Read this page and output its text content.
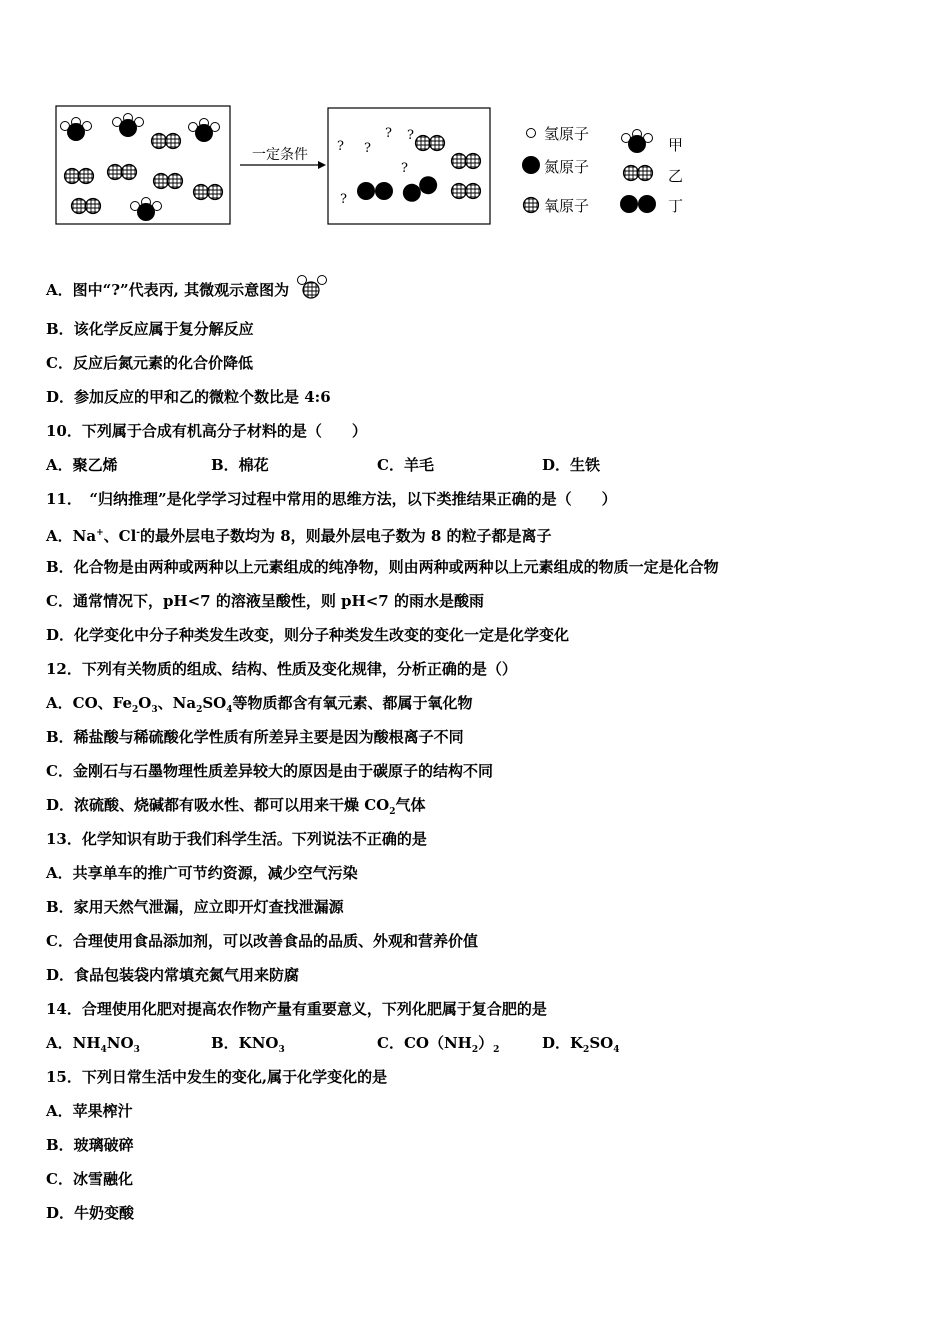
一定条件
? ?
? ?
?
?
氢原子
氮原子
氧原子
甲
乙
丁
A．图中“?”代表丙, 其微观示意图为
B．该化学反应属于复分解反应
C．反应后氮元素的化合价降低
D．参加反应的甲和乙的微粒个数比是 4:6
10．下列属于合成有机高分子材料的是（　　）
A．聚乙烯	B．棉花	C．羊毛	D．生铁
11．　“归纳推理”是化学学习过程中常用的思维方法，以下类推结果正确的是（　　）
A．Na+、Cl-的最外层电子数均为 8，则最外层电子数为 8 的粒子都是离子
B．化合物是由两种或两种以上元素组成的纯净物，则由两种或两种以上元素组成的物质一定是化合物
C．通常情况下，pH<7 的溶液呈酸性，则 pH<7 的雨水是酸雨
D．化学变化中分子种类发生改变，则分子种类发生改变的变化一定是化学变化
12．下列有关物质的组成、结构、性质及变化规律，分析正确的是（）
A．CO、$Fe_2O_3$、$Na_2SO_4$等物质都含有氧元素、都属于氧化物
B．稀盐酸与稀硫酸化学性质有所差异主要是因为酸根离子不同
C．金刚石与石墨物理性质差异较大的原因是由于碳原子的结构不同
D．浓硫酸、烧碱都有吸水性、都可以用来干燥 $CO_2$气体
13．化学知识有助于我们科学生活。下列说法不正确的是
A．共享单车的推广可节约资源，减少空气污染
B．家用天然气泄漏，应立即开灯查找泄漏源
C．合理使用食品添加剂，可以改善食品的品质、外观和营养价值
D．食品包装袋内常填充氮气用来防腐
14．合理使用化肥对提高农作物产量有重要意义，下列化肥属于复合肥的是
A．$NH_4NO_3$	B．$KNO_3$	C．$CO(NH_2)_2$	D．$K_2SO_4$
15．下列日常生活中发生的变化,属于化学变化的是
A．苹果榨汁
B．玻璃破碎
C．冰雪融化
D．牛奶变酸
